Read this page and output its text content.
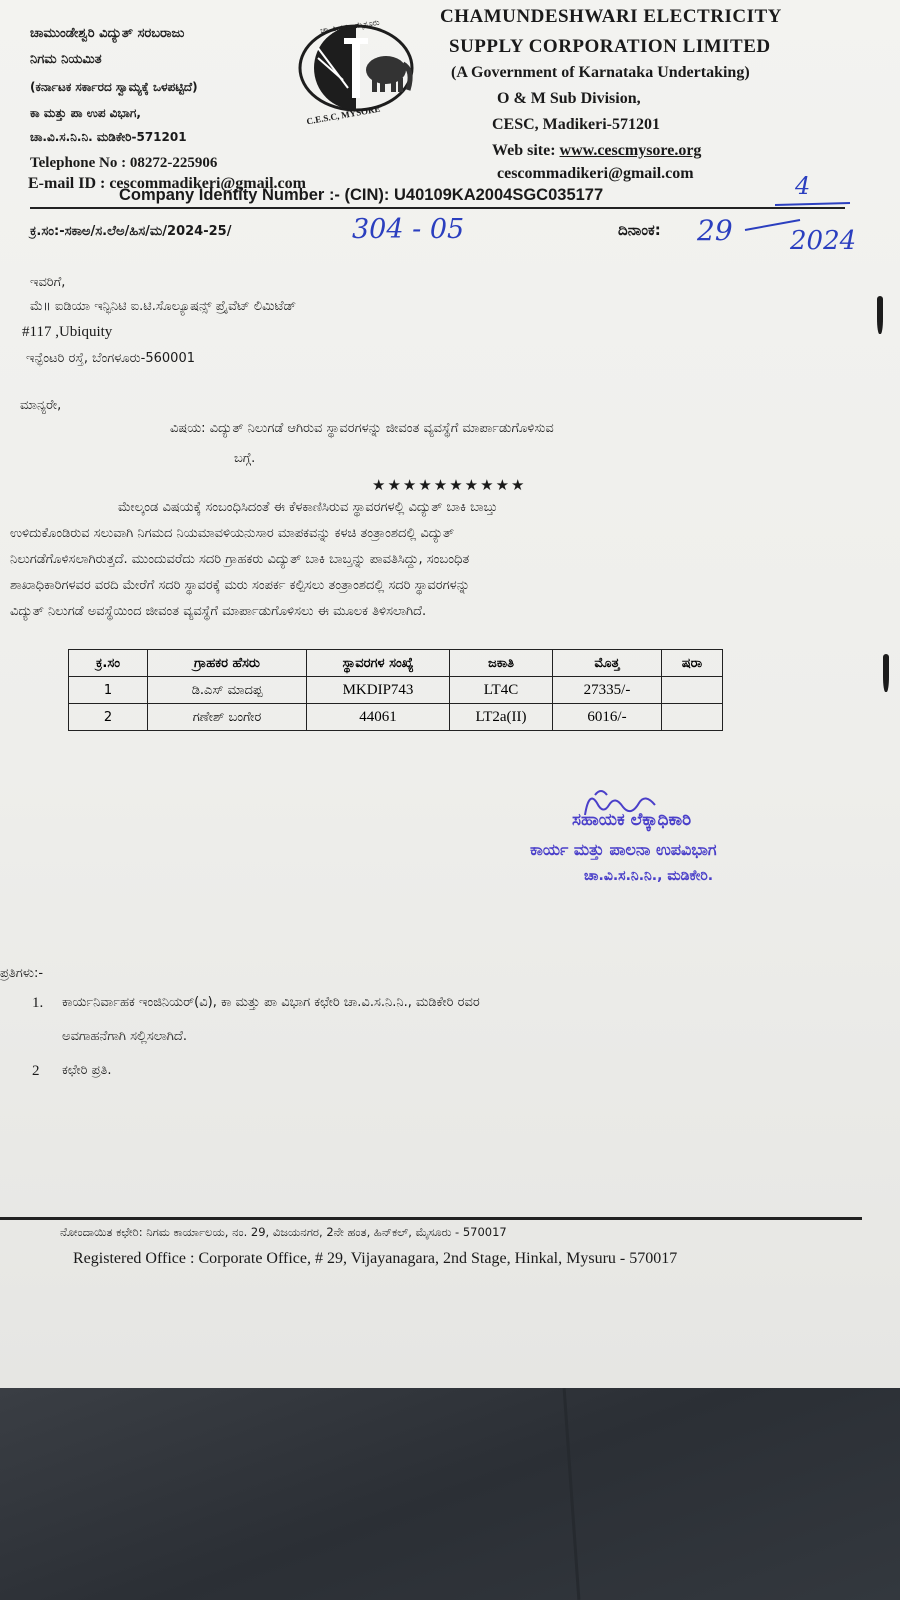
ಚಾಮುಂಡೇಶ್ವರಿ ವಿದ್ಯುತ್ ಸರಬರಾಜು
ನಿಗಮ ನಿಯಮಿತ
(ಕರ್ನಾಟಕ ಸರ್ಕಾರದ ಸ್ವಾಮ್ಯಕ್ಕೆ ಒಳಪಟ್ಟಿದೆ)
ಕಾ ಮತ್ತು ಪಾ ಉಪ ವಿಭಾಗ,
ಚಾ.ವಿ.ಸ.ನಿ.ನಿ. ಮಡಿಕೇರಿ-571201
Telephone No : 08272-225906
E-mail ID : cescommadikeri@gmail.com
ಚಾ.ವಿ.ಸ.ನಿ. ಮೈಸೂರು
C.E.S.C, MYSORE
CHAMUNDESHWARI ELECTRICITY
SUPPLY CORPORATION LIMITED
(A Government of Karnataka Undertaking)
O & M Sub Division,
CESC, Madikeri-571201
Web site: www.cescmysore.org
cescommadikeri@gmail.com
Company Identity Number :- (CIN): U40109KA2004SGC035177
ಕ್ರ.ಸಂ:-ಸಕಾಅ/ಸ.ಲೆಅ/ಹಿಸ/ಮ/2024-25/	304 - 05	ದಿನಾಂಕ: 29
4
2024
ಇವರಿಗೆ,
ಮೆ॥ ಐಡಿಯಾ ಇನ್ಫಿನಿಟಿ ಐ.ಟಿ.ಸೊಲ್ಯೂಷನ್ಸ್ ಪ್ರೈವೆಟ್ ಲಿಮಿಟೆಡ್
#117 ,Ubiquity
ಇನ್ಫೆಂಟರಿ ರಸ್ತೆ, ಬೆಂಗಳೂರು-560001
ಮಾನ್ಯರೇ,
ವಿಷಯ: ವಿದ್ಯುತ್ ನಿಲುಗಡೆ ಆಗಿರುವ ಸ್ಥಾವರಗಳನ್ನು ಜೀವಂತ ವ್ಯವಸ್ಥೆಗೆ ಮಾರ್ಪಾಡುಗೊಳಿಸುವ
ಬಗ್ಗೆ.
★★★★★★★★★★
ಮೇಲ್ಕಂಡ ವಿಷಯಕ್ಕೆ ಸಂಬಂಧಿಸಿದಂತೆ ಈ ಕೆಳಕಾಣಿಸಿರುವ ಸ್ಥಾವರಗಳಲ್ಲಿ ವಿದ್ಯುತ್ ಬಾಕಿ ಬಾಬ್ತು
ಉಳಿದುಕೊಂಡಿರುವ ಸಲುವಾಗಿ ನಿಗಮದ ನಿಯಮಾವಳಿಯನುಸಾರ ಮಾಪಕವನ್ನು ಕಳಚಿ ತಂತ್ರಾಂಶದಲ್ಲಿ ವಿದ್ಯುತ್
ನಿಲುಗಡೆಗೊಳಿಸಲಾಗಿರುತ್ತದೆ. ಮುಂದುವರೆದು ಸದರಿ ಗ್ರಾಹಕರು ವಿದ್ಯುತ್ ಬಾಕಿ ಬಾಬ್ತನ್ನು ಪಾವತಿಸಿದ್ದು, ಸಂಬಂಧಿತ
ಶಾಖಾಧಿಕಾರಿಗಳವರ ವರದಿ ಮೇರೆಗೆ ಸದರಿ ಸ್ಥಾವರಕ್ಕೆ ಮರು ಸಂಪರ್ಕ ಕಲ್ಪಿಸಲು ತಂತ್ರಾಂಶದಲ್ಲಿ ಸದರಿ ಸ್ಥಾವರಗಳನ್ನು
ವಿದ್ಯುತ್ ನಿಲುಗಡೆ ಅವಸ್ಥೆಯಿಂದ ಜೀವಂತ ವ್ಯವಸ್ಥೆಗೆ ಮಾರ್ಪಾಡುಗೊಳಿಸಲು ಈ ಮೂಲಕ ತಿಳಿಸಲಾಗಿದೆ.
ಕ್ರ.ಸಂ	ಗ್ರಾಹಕರ ಹೆಸರು	ಸ್ಥಾವರಗಳ ಸಂಖ್ಯೆ	ಜಕಾತಿ	ಮೊತ್ತ	ಷರಾ
1	ಡಿ.ಎಸ್ ಮಾದಪ್ಪ	MKDIP743	LT4C	27335/-	
2	ಗಣೇಶ್ ಬಂಗೇರ	44061	LT2a(II)	6016/-	
ಸಹಾಯಕ ಲೆಕ್ಕಾಧಿಕಾರಿ
ಕಾರ್ಯ ಮತ್ತು ಪಾಲನಾ ಉಪವಿಭಾಗ
ಚಾ.ವಿ.ಸ.ನಿ.ನಿ., ಮಡಿಕೇರಿ.
ಪ್ರತಿಗಳು:-
1. ಕಾರ್ಯನಿರ್ವಾಹಕ ಇಂಜಿನಿಯರ್(ವಿ), ಕಾ ಮತ್ತು ಪಾ ವಿಭಾಗ ಕಛೇರಿ ಚಾ.ವಿ.ಸ.ನಿ.ನಿ., ಮಡಿಕೇರಿ ರವರ
ಅವಗಾಹನೆಗಾಗಿ ಸಲ್ಲಿಸಲಾಗಿದೆ.
2 ಕಛೇರಿ ಪ್ರತಿ.
ನೋಂದಾಯಿತ ಕಛೇರಿ: ನಿಗಮ ಕಾರ್ಯಾಲಯ, ನಂ. 29, ವಿಜಯನಗರ, 2ನೇ ಹಂತ, ಹಿನ್‌ಕಲ್, ಮೈಸೂರು - 570017
Registered Office : Corporate Office, # 29, Vijayanagara, 2nd Stage, Hinkal, Mysuru - 570017
